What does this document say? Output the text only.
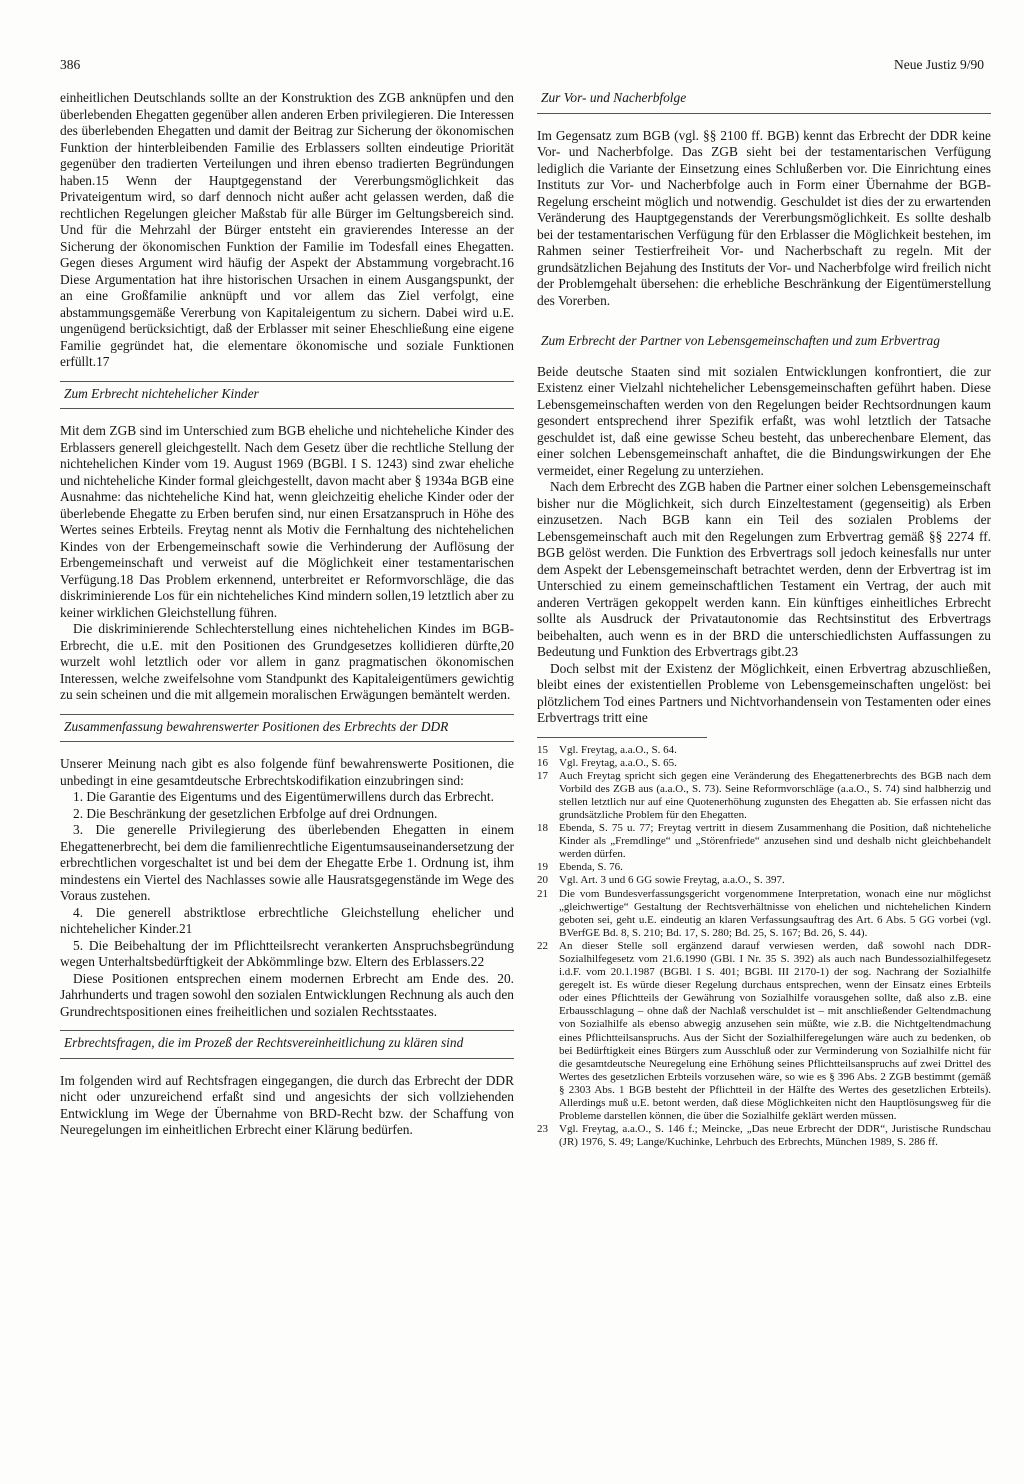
386	Neue Justiz 9/90

einheitlichen Deutschlands sollte an der Konstruktion des ZGB anknüpfen und den überlebenden Ehegatten gegenüber allen anderen Erben privilegieren. Die Interessen des überlebenden Ehegatten und damit der Beitrag zur Sicherung der ökonomischen Funktion der hinterbleibenden Familie des Erblassers sollten eindeutige Priorität gegenüber den tradierten Verteilungen und ihren ebenso tradierten Begründungen haben.15 Wenn der Hauptgegenstand der Vererbungsmöglichkeit das Privateigentum wird, so darf dennoch nicht außer acht gelassen werden, daß die rechtlichen Regelungen gleicher Maßstab für alle Bürger im Geltungsbereich sind. Und für die Mehrzahl der Bürger entsteht ein gravierendes Interesse an der Sicherung der ökonomischen Funktion der Familie im Todesfall eines Ehegatten. Gegen dieses Argument wird häufig der Aspekt der Abstammung vorgebracht.16 Diese Argumentation hat ihre historischen Ursachen in einem Ausgangspunkt, der an eine Großfamilie anknüpft und vor allem das Ziel verfolgt, eine abstammungsgemäße Vererbung von Kapitaleigentum zu sichern. Dabei wird u.E. ungenügend berücksichtigt, daß der Erblasser mit seiner Eheschließung eine eigene Familie gegründet hat, die elementare ökonomische und soziale Funktionen erfüllt.17

Zum Erbrecht nichtehelicher Kinder

Mit dem ZGB sind im Unterschied zum BGB eheliche und nichteheliche Kinder des Erblassers generell gleichgestellt. Nach dem Gesetz über die rechtliche Stellung der nichtehelichen Kinder vom 19. August 1969 (BGBl. I S. 1243) sind zwar eheliche und nichteheliche Kinder formal gleichgestellt, davon macht aber § 1934a BGB eine Ausnahme: das nichteheliche Kind hat, wenn gleichzeitig eheliche Kinder oder der überlebende Ehegatte zu Erben berufen sind, nur einen Ersatzanspruch in Höhe des Wertes seines Erbteils. Freytag nennt als Motiv die Fernhaltung des nichtehelichen Kindes von der Erbengemeinschaft sowie die Verhinderung der Auflösung der Erbengemeinschaft und verweist auf die Möglichkeit einer testamentarischen Verfügung.18 Das Problem erkennend, unterbreitet er Reformvorschläge, die das diskriminierende Los für ein nichteheliches Kind mindern sollen,19 letztlich aber zu keiner wirklichen Gleichstellung führen.

Die diskriminierende Schlechterstellung eines nichtehelichen Kindes im BGB-Erbrecht, die u.E. mit den Positionen des Grundgesetzes kollidieren dürfte,20 wurzelt wohl letztlich oder vor allem in ganz pragmatischen ökonomischen Interessen, welche zweifelsohne vom Standpunkt des Kapitaleigentümers gewichtig zu sein scheinen und die mit allgemein moralischen Erwägungen bemäntelt werden.

Zusammenfassung bewahrenswerter Positionen des Erbrechts der DDR

Unserer Meinung nach gibt es also folgende fünf bewahrenswerte Positionen, die unbedingt in eine gesamtdeutsche Erbrechtskodifikation einzubringen sind:

1. Die Garantie des Eigentums und des Eigentümerwillens durch das Erbrecht.

2. Die Beschränkung der gesetzlichen Erbfolge auf drei Ordnungen.

3. Die generelle Privilegierung des überlebenden Ehegatten in einem Ehegattenerbrecht, bei dem die familienrechtliche Eigentumsauseinandersetzung der erbrechtlichen vorgeschaltet ist und bei dem der Ehegatte Erbe 1. Ordnung ist, ihm mindestens ein Viertel des Nachlasses sowie alle Hausratsgegenstände im Wege des Voraus zustehen.

4. Die generell abstriktlose erbrechtliche Gleichstellung ehelicher und nichtehelicher Kinder.21

5. Die Beibehaltung der im Pflichtteilsrecht verankerten Anspruchsbegründung wegen Unterhaltsbedürftigkeit der Abkömmlinge bzw. Eltern des Erblassers.22

Diese Positionen entsprechen einem modernen Erbrecht am Ende des. 20. Jahrhunderts und tragen sowohl den sozialen Entwicklungen Rechnung als auch den Grundrechtspositionen eines freiheitlichen und sozialen Rechtsstaates.

Erbrechtsfragen, die im Prozeß der Rechtsvereinheitlichung zu klären sind

Im folgenden wird auf Rechtsfragen eingegangen, die durch das Erbrecht der DDR nicht oder unzureichend erfaßt sind und angesichts der sich vollziehenden Entwicklung im Wege der Übernahme von BRD-Recht bzw. der Schaffung von Neuregelungen im einheitlichen Erbrecht einer Klärung bedürfen.

Zur Vor- und Nacherbfolge

Im Gegensatz zum BGB (vgl. §§ 2100 ff. BGB) kennt das Erbrecht der DDR keine Vor- und Nacherbfolge. Das ZGB sieht bei der testamentarischen Verfügung lediglich die Variante der Einsetzung eines Schlußerben vor. Die Einrichtung eines Instituts zur Vor- und Nacherbfolge auch in Form einer Übernahme der BGB-Regelung erscheint möglich und notwendig. Geschuldet ist dies der zu erwartenden Veränderung des Hauptgegenstands der Vererbungsmöglichkeit. Es sollte deshalb bei der testamentarischen Verfügung für den Erblasser die Möglichkeit bestehen, im Rahmen seiner Testierfreiheit Vor- und Nacherbschaft zu regeln. Mit der grundsätzlichen Bejahung des Instituts der Vor- und Nacherbfolge wird freilich nicht der Problemgehalt übersehen: die erhebliche Beschränkung der Eigentümerstellung des Vorerben.

Zum Erbrecht der Partner von Lebensgemeinschaften und zum Erbvertrag

Beide deutsche Staaten sind mit sozialen Entwicklungen konfrontiert, die zur Existenz einer Vielzahl nichtehelicher Lebensgemeinschaften geführt haben. Diese Lebensgemeinschaften werden von den Regelungen beider Rechtsordnungen kaum gesondert entsprechend ihrer Spezifik erfaßt, was wohl letztlich der Tatsache geschuldet ist, daß eine gewisse Scheu besteht, das unberechenbare Element, das einer solchen Lebensgemeinschaft anhaftet, die die Bindungswirkungen der Ehe vermeidet, einer Regelung zu unterziehen.

Nach dem Erbrecht des ZGB haben die Partner einer solchen Lebensgemeinschaft bisher nur die Möglichkeit, sich durch Einzeltestament (gegenseitig) als Erben einzusetzen. Nach BGB kann ein Teil des sozialen Problems der Lebensgemeinschaft auch mit den Regelungen zum Erbvertrag gemäß §§ 2274 ff. BGB gelöst werden. Die Funktion des Erbvertrags soll jedoch keinesfalls nur unter dem Aspekt der Lebensgemeinschaft betrachtet werden, denn der Erbvertrag ist im Unterschied zu einem gemeinschaftlichen Testament ein Vertrag, der auch mit anderen Verträgen gekoppelt werden kann. Ein künftiges einheitliches Erbrecht sollte als Ausdruck der Privatautonomie das Rechtsinstitut des Erbvertrags beibehalten, auch wenn es in der BRD die unterschiedlichsten Auffassungen zu Bedeutung und Funktion des Erbvertrags gibt.23

Doch selbst mit der Existenz der Möglichkeit, einen Erbvertrag abzuschließen, bleibt eines der existentiellen Probleme von Lebensgemeinschaften ungelöst: bei plötzlichem Tod eines Partners und Nichtvorhandensein von Testamenten oder eines Erbvertrags tritt eine

15	Vgl. Freytag, a.a.O., S. 64.
16	Vgl. Freytag, a.a.O., S. 65.
17	Auch Freytag spricht sich gegen eine Veränderung des Ehegattenerbrechts des BGB nach dem Vorbild des ZGB aus (a.a.O., S. 73). Seine Reformvorschläge (a.a.O., S. 74) sind halbherzig und stellen letztlich nur auf eine Quotenerhöhung zugunsten des Ehegatten ab. Sie erfassen nicht das grundsätzliche Problem für den Ehegatten.
18	Ebenda, S. 75 u. 77; Freytag vertritt in diesem Zusammenhang die Position, daß nichteheliche Kinder als „Fremdlinge“ und „Störenfriede“ anzusehen sind und deshalb nicht gleichbehandelt werden dürfen.
19	Ebenda, S. 76.
20	Vgl. Art. 3 und 6 GG sowie Freytag, a.a.O., S. 397.
21	Die vom Bundesverfassungsgericht vorgenommene Interpretation, wonach eine nur möglichst „gleichwertige“ Gestaltung der Rechtsverhältnisse von ehelichen und nichtehelichen Kindern geboten sei, geht u.E. eindeutig an klaren Verfassungsauftrag des Art. 6 Abs. 5 GG vorbei (vgl. BVerfGE Bd. 8, S. 210; Bd. 17, S. 280; Bd. 25, S. 167; Bd. 26, S. 44).
22	An dieser Stelle soll ergänzend darauf verwiesen werden, daß sowohl nach DDR-Sozialhilfegesetz vom 21.6.1990 (GBl. I Nr. 35 S. 392) als auch nach Bundessozialhilfegesetz i.d.F. vom 20.1.1987 (BGBl. I S. 401; BGBl. III 2170-1) der sog. Nachrang der Sozialhilfe geregelt ist. Es würde dieser Regelung durchaus entsprechen, wenn der Einsatz eines Erbteils oder eines Pflichtteils der Gewährung von Sozialhilfe vorausgehen sollte, daß also z.B. eine Erbausschlagung – ohne daß der Nachlaß verschuldet ist – mit anschließender Geltendmachung von Sozialhilfe als ebenso abwegig anzusehen sein müßte, wie z.B. die Nichtgeltendmachung eines Pflichtteilsanspruchs. Aus der Sicht der Sozialhilferegelungen wäre auch zu bedenken, ob bei Bedürftigkeit eines Bürgers zum Ausschluß oder zur Verminderung von Sozialhilfe nicht für die gesamtdeutsche Neuregelung eine Erhöhung seines Pflichtteilsanspruchs auf zwei Drittel des Wertes des gesetzlichen Erbteils vorzusehen wäre, so wie es § 396 Abs. 2 ZGB bestimmt (gemäß § 2303 Abs. 1 BGB besteht der Pflichtteil in der Hälfte des Wertes des gesetzlichen Erbteils). Allerdings muß u.E. betont werden, daß diese Möglichkeiten nicht den Hauptlösungsweg für die Probleme darstellen können, die über die Sozialhilfe geklärt werden müssen.
23	Vgl. Freytag, a.a.O., S. 146 f.; Meincke, „Das neue Erbrecht der DDR“, Juristische Rundschau (JR) 1976, S. 49; Lange/Kuchinke, Lehrbuch des Erbrechts, München 1989, S. 286 ff.
